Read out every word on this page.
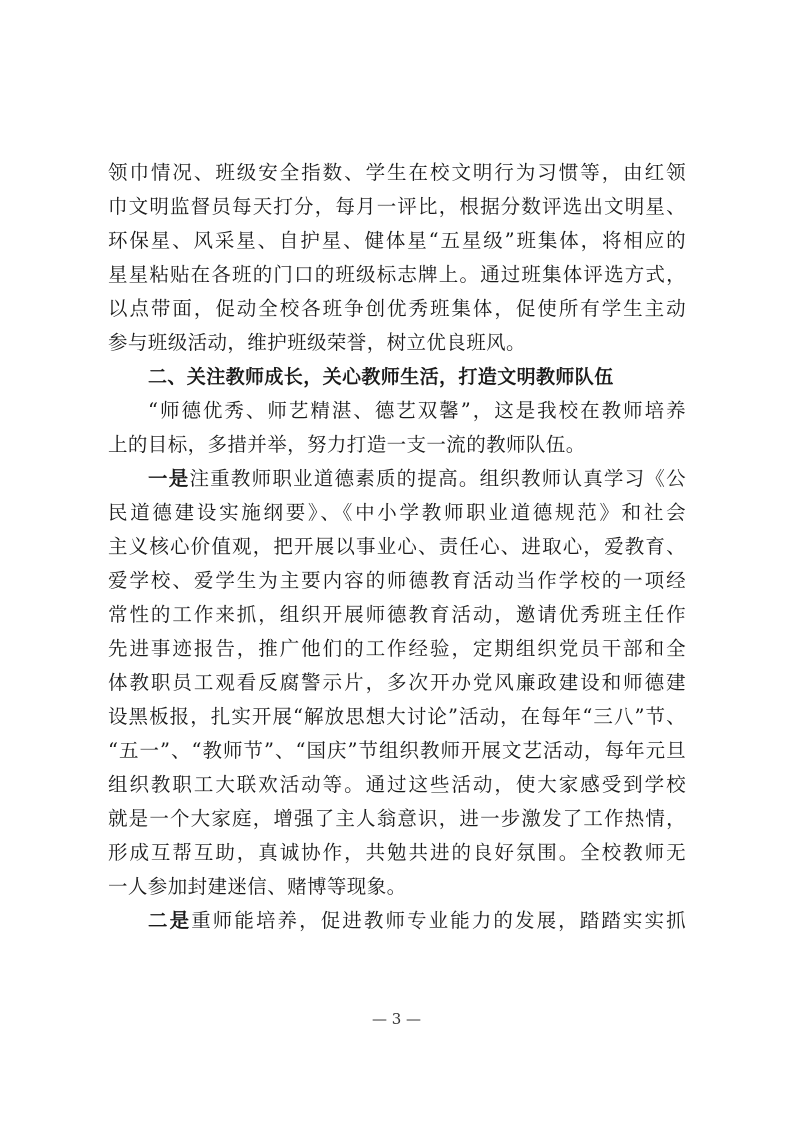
领巾情况、班级安全指数、学生在校文明行为习惯等，由红领
巾文明监督员每天打分，每月一评比，根据分数评选出文明星、
环保星、风采星、自护星、健体星“五星级”班集体，将相应的
星星粘贴在各班的门口的班级标志牌上。通过班集体评选方式，
以点带面，促动全校各班争创优秀班集体，促使所有学生主动
参与班级活动，维护班级荣誉，树立优良班风。
二、关注教师成长，关心教师生活，打造文明教师队伍
“师德优秀、师艺精湛、德艺双馨”，这是我校在教师培养
上的目标，多措并举，努力打造一支一流的教师队伍。
一是注重教师职业道德素质的提高。组织教师认真学习《公
民道德建设实施纲要》、《中小学教师职业道德规范》和社会
主义核心价值观，把开展以事业心、责任心、进取心，爱教育、
爱学校、爱学生为主要内容的师德教育活动当作学校的一项经
常性的工作来抓，组织开展师德教育活动，邀请优秀班主任作
先进事迹报告，推广他们的工作经验，定期组织党员干部和全
体教职员工观看反腐警示片，多次开办党风廉政建设和师德建
设黑板报，扎实开展“解放思想大讨论”活动，在每年“三八”节、
“五一”、“教师节”、“国庆”节组织教师开展文艺活动，每年元旦
组织教职工大联欢活动等。通过这些活动，使大家感受到学校
就是一个大家庭，增强了主人翁意识，进一步激发了工作热情，
形成互帮互助，真诚协作，共勉共进的良好氛围。全校教师无
一人参加封建迷信、赌博等现象。
二是重师能培养，促进教师专业能力的发展，踏踏实实抓
— 3 —
